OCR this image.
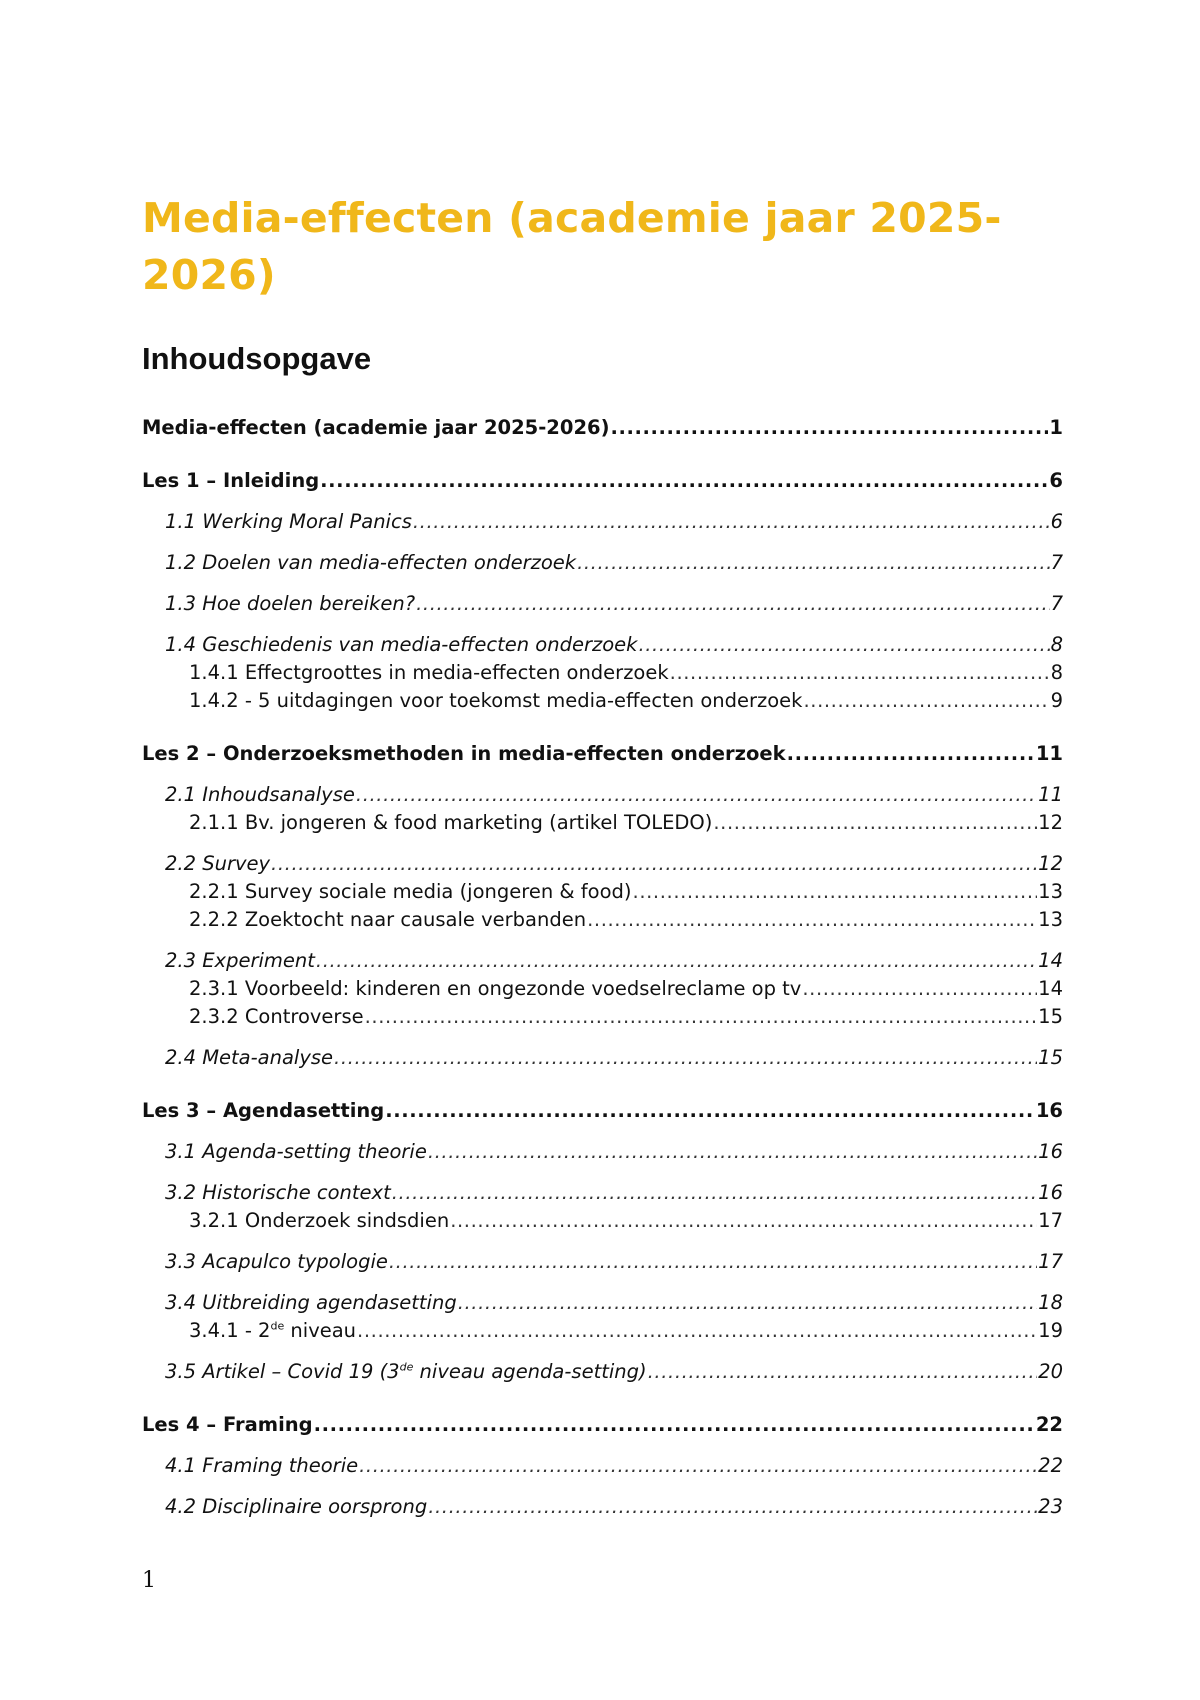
Media-effecten (academie jaar 2025-2026)
Inhoudsopgave
Media-effecten (academie jaar 2025-2026) .....	1
Les 1 – Inleiding .....	6
1.1 Werking Moral Panics .....	6
1.2 Doelen van media-effecten onderzoek .....	7
1.3 Hoe doelen bereiken? .....	7
1.4 Geschiedenis van media-effecten onderzoek .....	8
1.4.1 Effectgroottes in media-effecten onderzoek .....	8
1.4.2 - 5 uitdagingen voor toekomst media-effecten onderzoek .....	9
Les 2 – Onderzoeksmethoden in media-effecten onderzoek .....	11
2.1 Inhoudsanalyse .....	11
2.1.1 Bv. jongeren & food marketing (artikel TOLEDO) .....	12
2.2 Survey .....	12
2.2.1 Survey sociale media (jongeren & food) .....	13
2.2.2 Zoektocht naar causale verbanden .....	13
2.3 Experiment .....	14
2.3.1 Voorbeeld: kinderen en ongezonde voedselreclame op tv .....	14
2.3.2 Controverse .....	15
2.4 Meta-analyse .....	15
Les 3 – Agendasetting .....	16
3.1 Agenda-setting theorie .....	16
3.2 Historische context .....	16
3.2.1 Onderzoek sindsdien .....	17
3.3 Acapulco typologie .....	17
3.4 Uitbreiding agendasetting .....	18
3.4.1 - 2de niveau .....	19
3.5 Artikel – Covid 19 (3de niveau agenda-setting) .....	20
Les 4 – Framing .....	22
4.1 Framing theorie .....	22
4.2 Disciplinaire oorsprong .....	23
1
